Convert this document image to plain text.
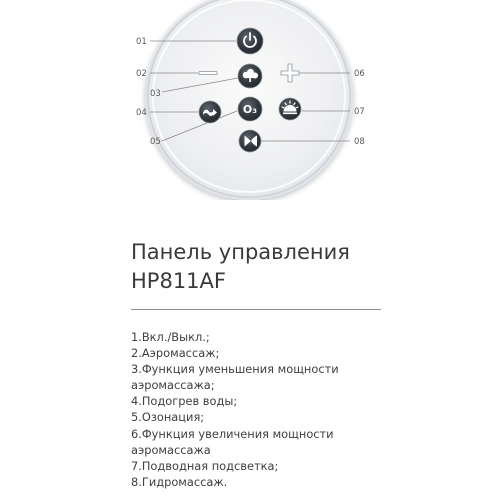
01
02
03
04
05
06
07
08
O₃
Панель управления
HP811AF
1.Вкл./Выкл.;
2.Аэромассаж;
3.Функция уменьшения мощности
аэромассажа;
4.Подогрев воды;
5.Озонация;
6.Функция увеличения мощности
аэромассажа
7.Подводная подсветка;
8.Гидромассаж.
